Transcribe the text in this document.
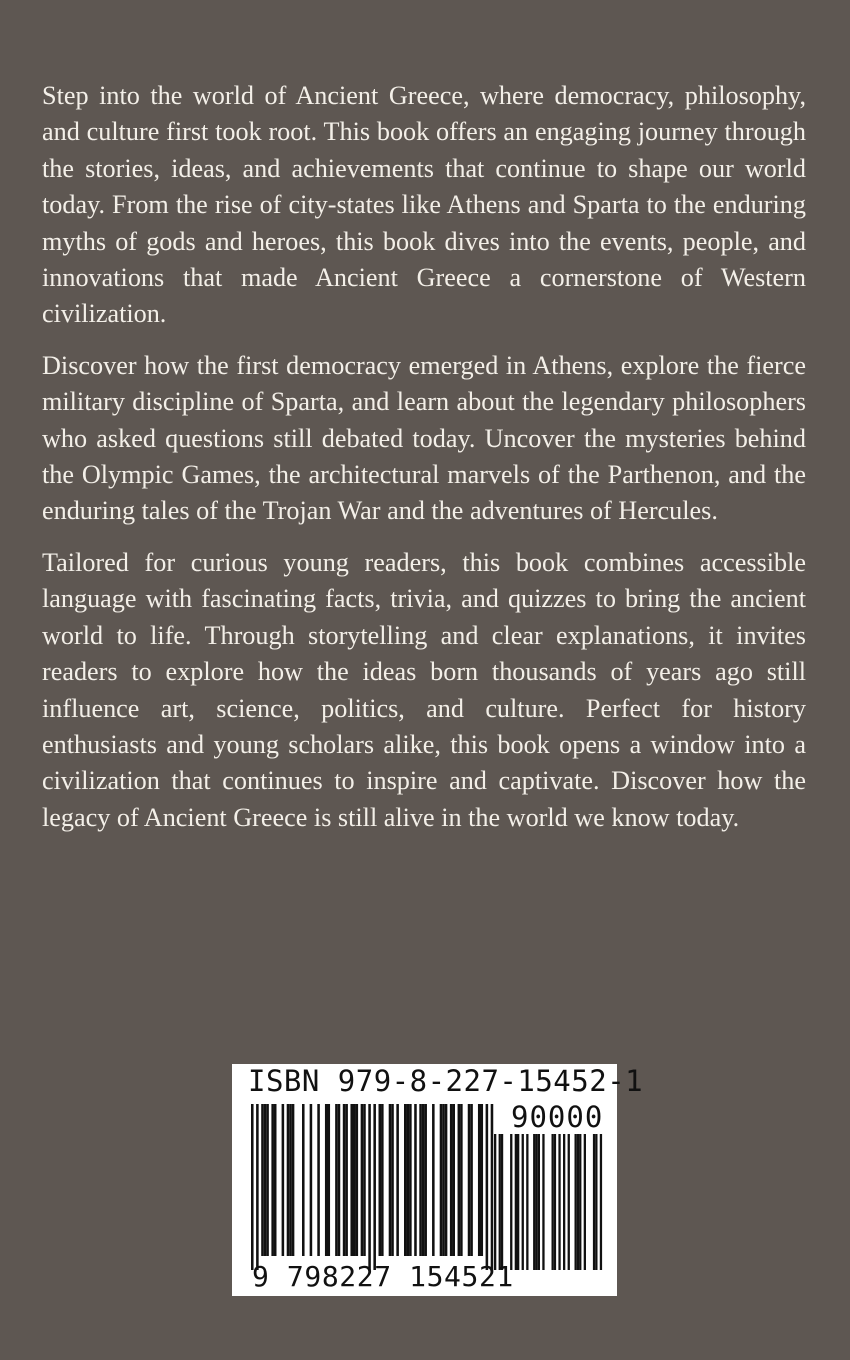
Step into the world of Ancient Greece, where democracy, philosophy, and culture first took root. This book offers an engaging journey through the stories, ideas, and achievements that continue to shape our world today. From the rise of city-states like Athens and Sparta to the enduring myths of gods and heroes, this book dives into the events, people, and innovations that made Ancient Greece a cornerstone of Western civilization.

Discover how the first democracy emerged in Athens, explore the fierce military discipline of Sparta, and learn about the legendary philosophers who asked questions still debated today. Uncover the mysteries behind the Olympic Games, the architectural marvels of the Parthenon, and the enduring tales of the Trojan War and the adventures of Hercules.

Tailored for curious young readers, this book combines accessible language with fascinating facts, trivia, and quizzes to bring the ancient world to life. Through storytelling and clear explanations, it invites readers to explore how the ideas born thousands of years ago still influence art, science, politics, and culture. Perfect for history enthusiasts and young scholars alike, this book opens a window into a civilization that continues to inspire and captivate. Discover how the legacy of Ancient Greece is still alive in the world we know today.

ISBN 979-8-227-15452-1
90000
9 798227 154521
